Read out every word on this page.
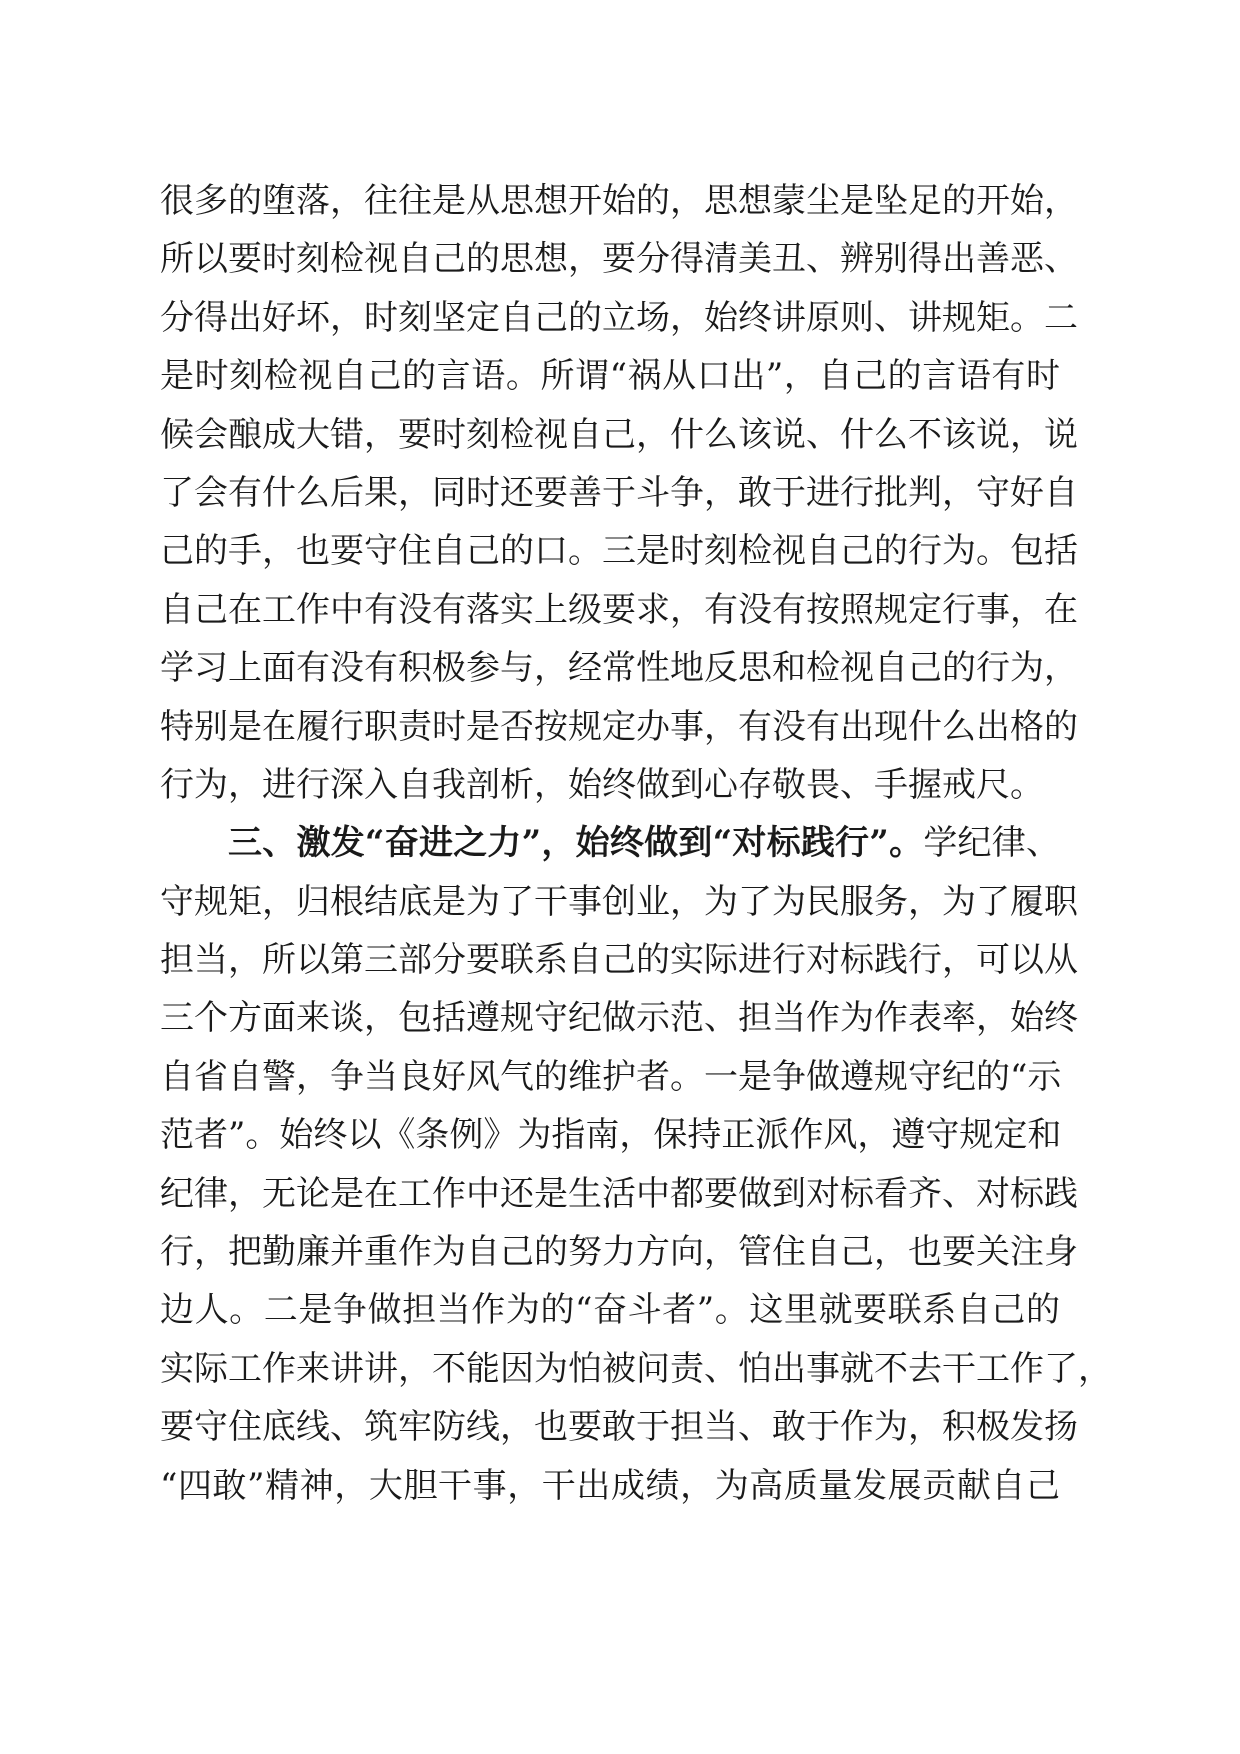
很多的堕落，往往是从思想开始的，思想蒙尘是坠足的开始，
所以要时刻检视自己的思想，要分得清美丑、辨别得出善恶、
分得出好坏，时刻坚定自己的立场，始终讲原则、讲规矩。二
是时刻检视自己的言语。所谓“祸从口出”，自己的言语有时
候会酿成大错，要时刻检视自己，什么该说、什么不该说，说
了会有什么后果，同时还要善于斗争，敢于进行批判，守好自
己的手，也要守住自己的口。三是时刻检视自己的行为。包括
自己在工作中有没有落实上级要求，有没有按照规定行事，在
学习上面有没有积极参与，经常性地反思和检视自己的行为，
特别是在履行职责时是否按规定办事，有没有出现什么出格的
行为，进行深入自我剖析，始终做到心存敬畏、手握戒尺。
三、激发“奋进之力”，始终做到“对标践行”。学纪律、
守规矩，归根结底是为了干事创业，为了为民服务，为了履职
担当，所以第三部分要联系自己的实际进行对标践行，可以从
三个方面来谈，包括遵规守纪做示范、担当作为作表率，始终
自省自警，争当良好风气的维护者。一是争做遵规守纪的“示
范者”。始终以《条例》为指南，保持正派作风，遵守规定和
纪律，无论是在工作中还是生活中都要做到对标看齐、对标践
行，把勤廉并重作为自己的努力方向，管住自己，也要关注身
边人。二是争做担当作为的“奋斗者”。这里就要联系自己的
实际工作来讲讲，不能因为怕被问责、怕出事就不去干工作了，
要守住底线、筑牢防线，也要敢于担当、敢于作为，积极发扬
“四敢”精神，大胆干事，干出成绩，为高质量发展贡献自己
